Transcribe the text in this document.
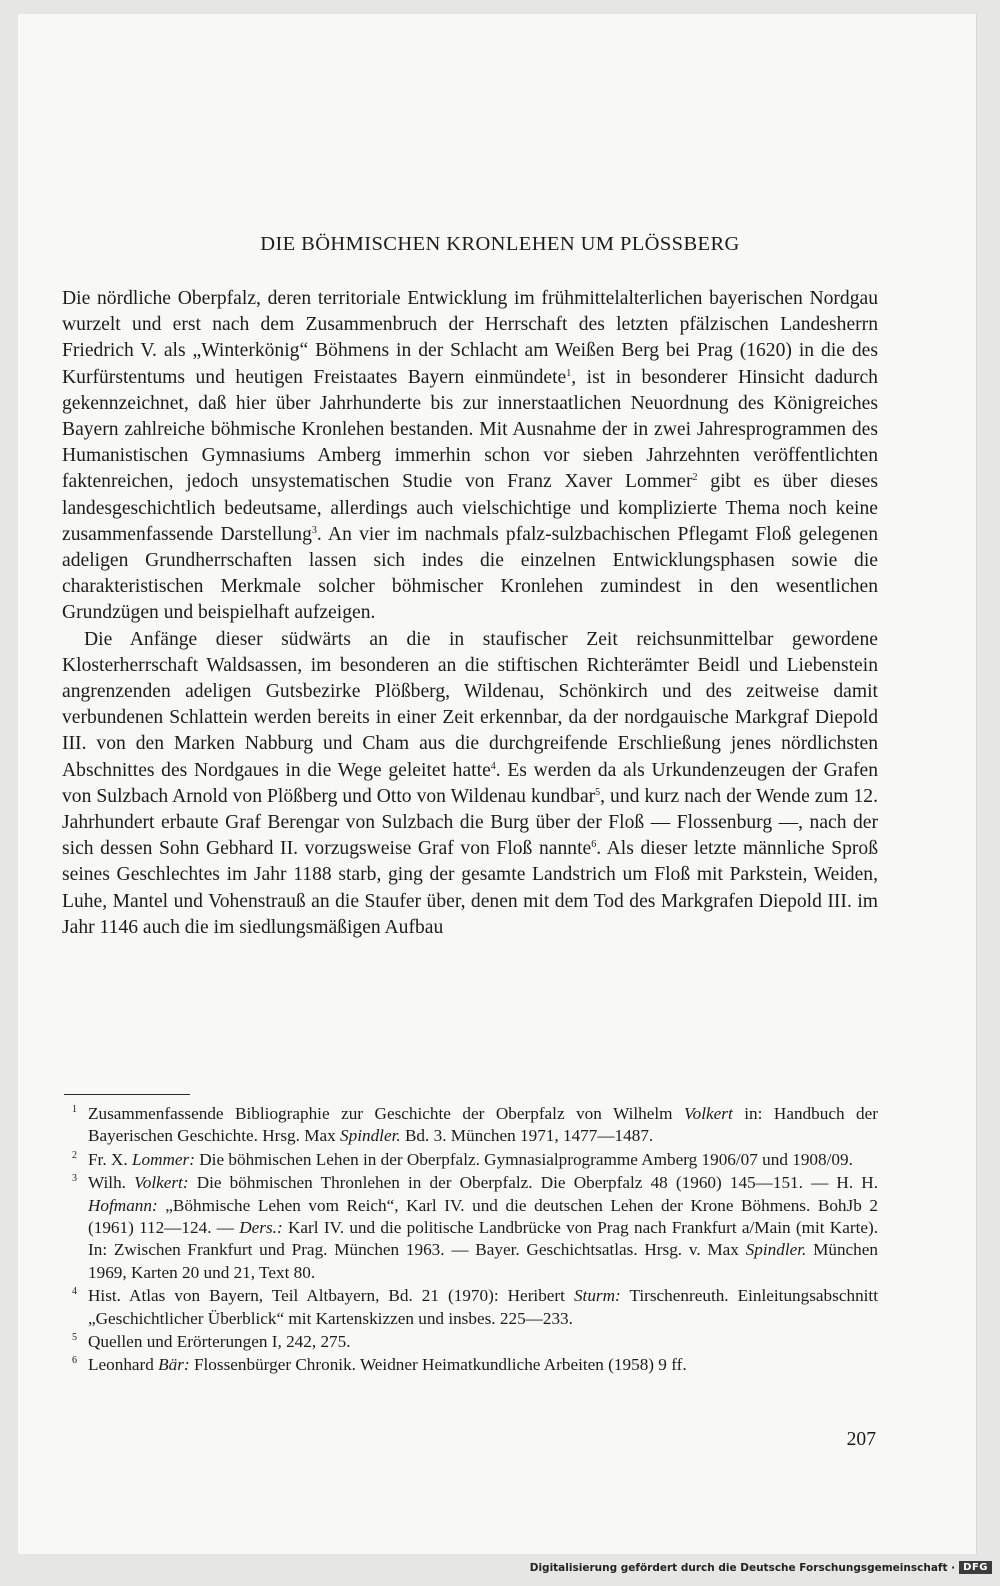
DIE BÖHMISCHEN KRONLEHEN UM PLÖSSBERG

Die nördliche Oberpfalz, deren territoriale Entwicklung im frühmittelalterlichen bayerischen Nordgau wurzelt und erst nach dem Zusammenbruch der Herrschaft des letzten pfälzischen Landesherrn Friedrich V. als „Winterkönig“ Böhmens in der Schlacht am Weißen Berg bei Prag (1620) in die des Kurfürstentums und heutigen Freistaates Bayern einmündete$^1$, ist in besonderer Hinsicht dadurch gekennzeichnet, daß hier über Jahrhunderte bis zur innerstaatlichen Neuordnung des Königreiches Bayern zahlreiche böhmische Kronlehen bestanden. Mit Ausnahme der in zwei Jahresprogrammen des Humanistischen Gymnasiums Amberg immerhin schon vor sieben Jahrzehnten veröffentlichten faktenreichen, jedoch unsystematischen Studie von Franz Xaver Lommer$^2$ gibt es über dieses landesgeschichtlich bedeutsame, allerdings auch vielschichtige und komplizierte Thema noch keine zusammenfassende Darstellung$^3$. An vier im nachmals pfalz-sulzbachischen Pflegamt Floß gelegenen adeligen Grundherrschaften lassen sich indes die einzelnen Entwicklungsphasen sowie die charakteristischen Merkmale solcher böhmischer Kronlehen zumindest in den wesentlichen Grundzügen und beispielhaft aufzeigen.

Die Anfänge dieser südwärts an die in staufischer Zeit reichsunmittelbar gewordene Klosterherrschaft Waldsassen, im besonderen an die stiftischen Richterämter Beidl und Liebenstein angrenzenden adeligen Gutsbezirke Plößberg, Wildenau, Schönkirch und des zeitweise damit verbundenen Schlattein werden bereits in einer Zeit erkennbar, da der nordgauische Markgraf Diepold III. von den Marken Nabburg und Cham aus die durchgreifende Erschließung jenes nördlichsten Abschnittes des Nordgaues in die Wege geleitet hatte$^4$. Es werden da als Urkundenzeugen der Grafen von Sulzbach Arnold von Plößberg und Otto von Wildenau kundbar$^5$, und kurz nach der Wende zum 12. Jahrhundert erbaute Graf Berengar von Sulzbach die Burg über der Floß — Flossenburg —, nach der sich dessen Sohn Gebhard II. vorzugsweise Graf von Floß nannte$^6$. Als dieser letzte männliche Sproß seines Geschlechtes im Jahr 1188 starb, ging der gesamte Landstrich um Floß mit Parkstein, Weiden, Luhe, Mantel und Vohenstrauß an die Staufer über, denen mit dem Tod des Markgrafen Diepold III. im Jahr 1146 auch die im siedlungsmäßigen Aufbau

1 Zusammenfassende Bibliographie zur Geschichte der Oberpfalz von Wilhelm Volkert in: Handbuch der Bayerischen Geschichte. Hrsg. Max Spindler. Bd. 3. München 1971, 1477—1487.
2 Fr. X. Lommer: Die böhmischen Lehen in der Oberpfalz. Gymnasialprogramme Amberg 1906/07 und 1908/09.
3 Wilh. Volkert: Die böhmischen Thronlehen in der Oberpfalz. Die Oberpfalz 48 (1960) 145—151. — H. H. Hofmann: „Böhmische Lehen vom Reich“, Karl IV. und die deutschen Lehen der Krone Böhmens. BohJb 2 (1961) 112—124. — Ders.: Karl IV. und die politische Landbrücke von Prag nach Frankfurt a/Main (mit Karte). In: Zwischen Frankfurt und Prag. München 1963. — Bayer. Geschichtsatlas. Hrsg. v. Max Spindler. München 1969, Karten 20 und 21, Text 80.
4 Hist. Atlas von Bayern, Teil Altbayern, Bd. 21 (1970): Heribert Sturm: Tirschenreuth. Einleitungsabschnitt „Geschichtlicher Überblick“ mit Kartenskizzen und insbes. 225—233.
5 Quellen und Erörterungen I, 242, 275.
6 Leonhard Bär: Flossenbürger Chronik. Weidner Heimatkundliche Arbeiten (1958) 9 ff.
207
Digitalisierung gefördert durch die Deutsche Forschungsgemeinschaft · DFG
